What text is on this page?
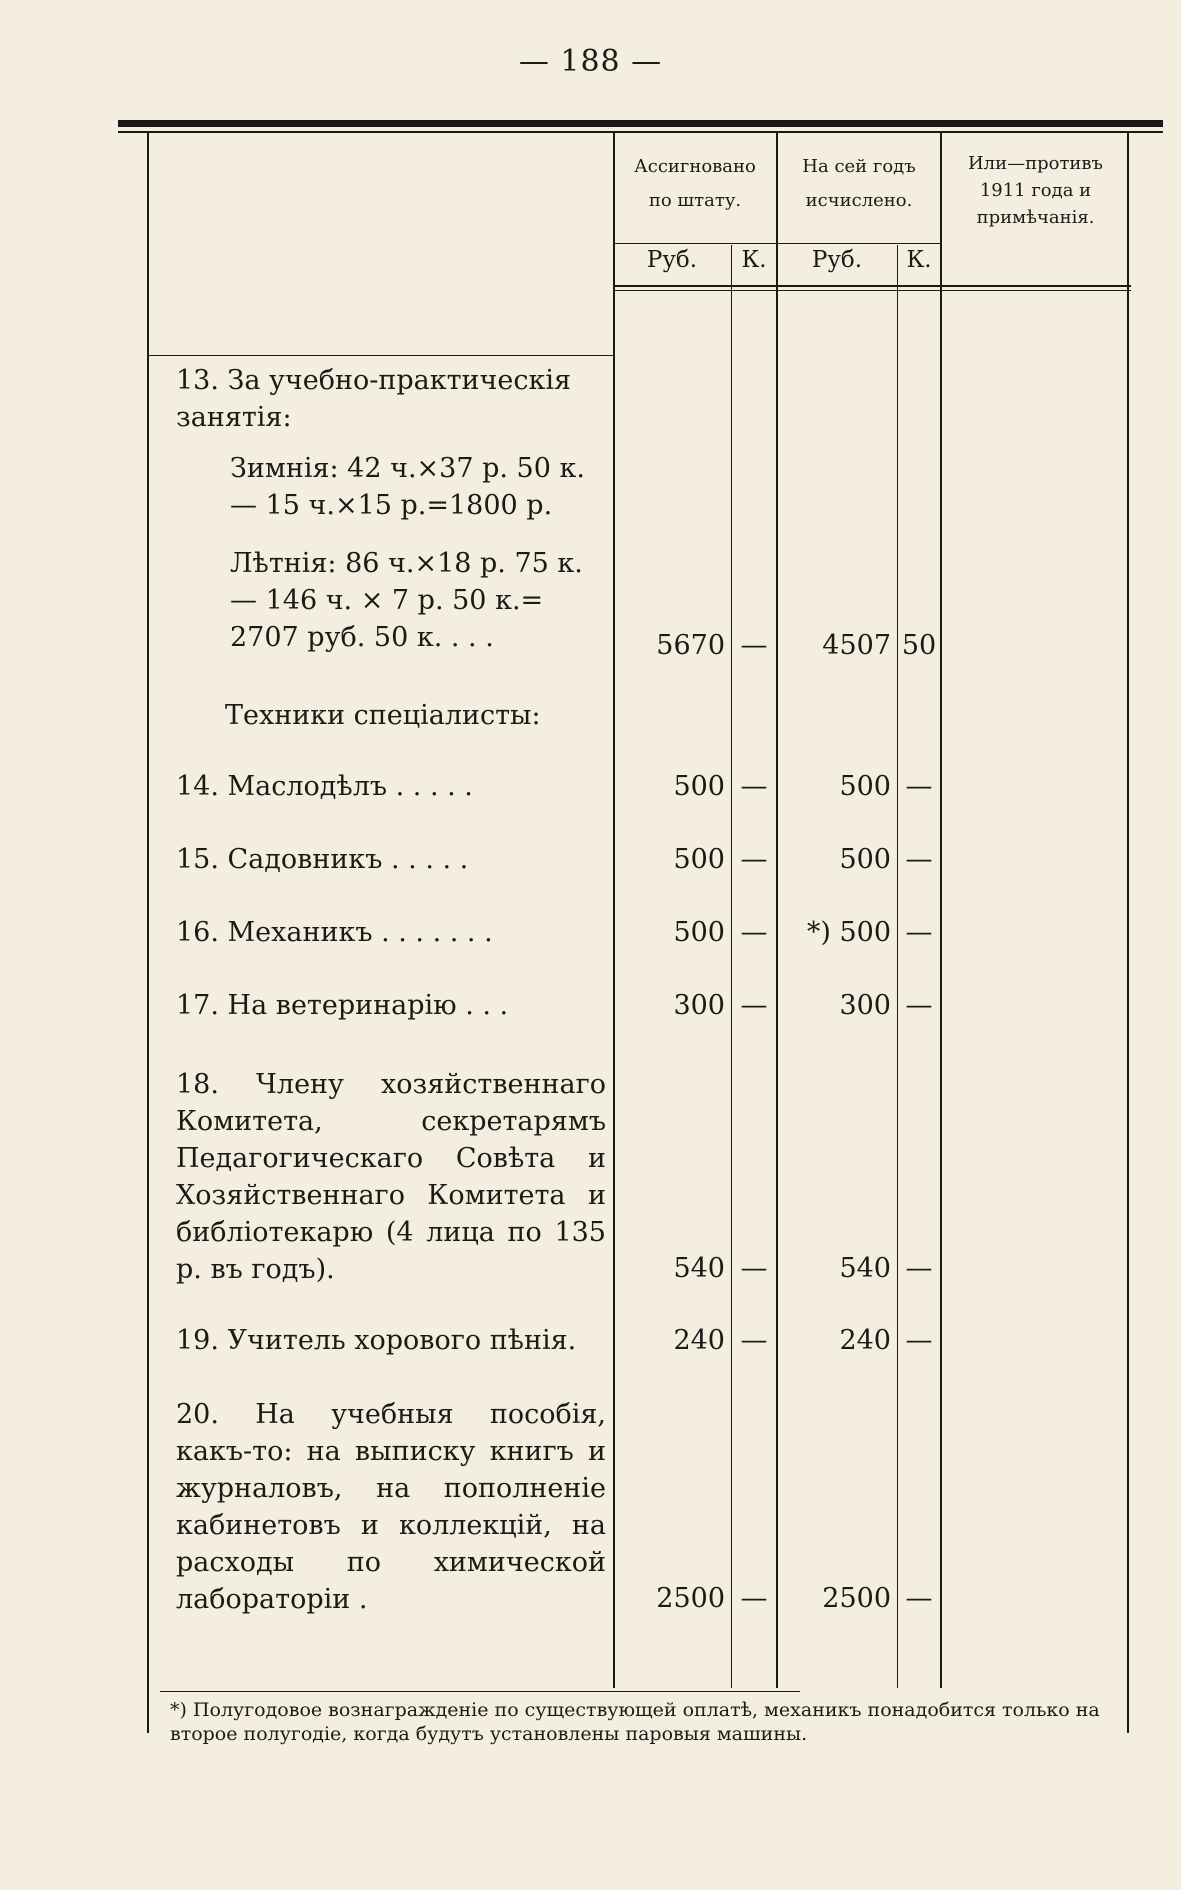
— 188 —
Ассигновано по штату.
На сей годъ исчислено.
Или—противъ 1911 года и примѣчанія.
Руб.	К.	Руб.	К.
13. За учебно-практическія занятія:
Зимнія: 42 ч.×37 р. 50 к. — 15 ч.×15 р.=1800 р.
Лѣтнія: 86 ч.×18 р. 75 к. — 146 ч. × 7 р. 50 к.= 2707 руб. 50 к. . . .	5670 —	4507 50
Техники спеціалисты:
14. Маслодѣлъ . . . . .	500 —	500 —
15. Садовникъ . . . . .	500 —	500 —
16. Механикъ . . . . . . .	500 —	*) 500 —
17. На ветеринарію . . .	300 —	300 —
18. Члену хозяйственнаго Комитета, секретарямъ Педагогическаго Совѣта и Хозяйственнаго Комитета и библіотекарю (4 лица по 135 р. въ годъ).	540 —	540 —
19. Учитель хорового пѣнія.	240 —	240 —
20. На учебныя пособія, какъ-то: на выписку книгъ и журналовъ, на пополненіе кабинетовъ и коллекцій, на расходы по химической лабораторіи .	2500 —	2500 —
*) Полугодовое вознагражденіе по существующей оплатѣ, механикъ понадобится только на второе полугодіе, когда будутъ установлены паровыя машины.
